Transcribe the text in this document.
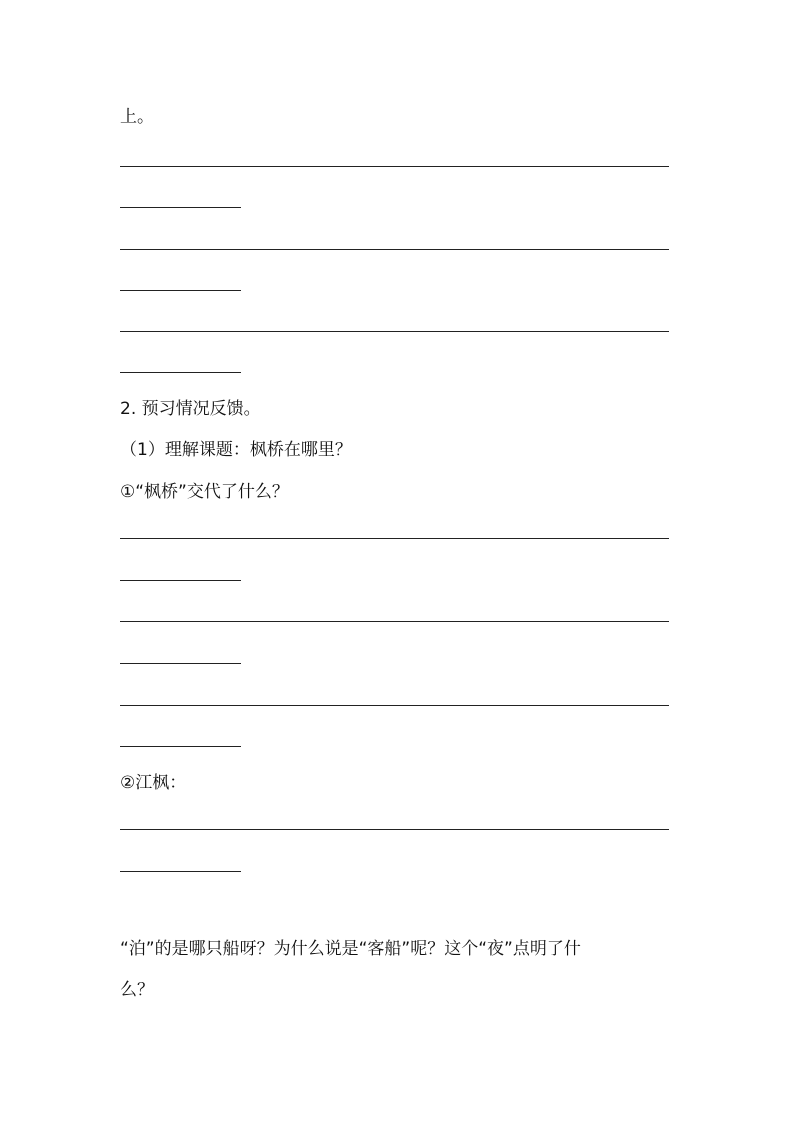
上。
2. 预习情况反馈。
（1）理解课题：枫桥在哪里？
①“枫桥”交代了什么？
②江枫：
“泊”的是哪只船呀？为什么说是“客船”呢？这个“夜”点明了什
么？
